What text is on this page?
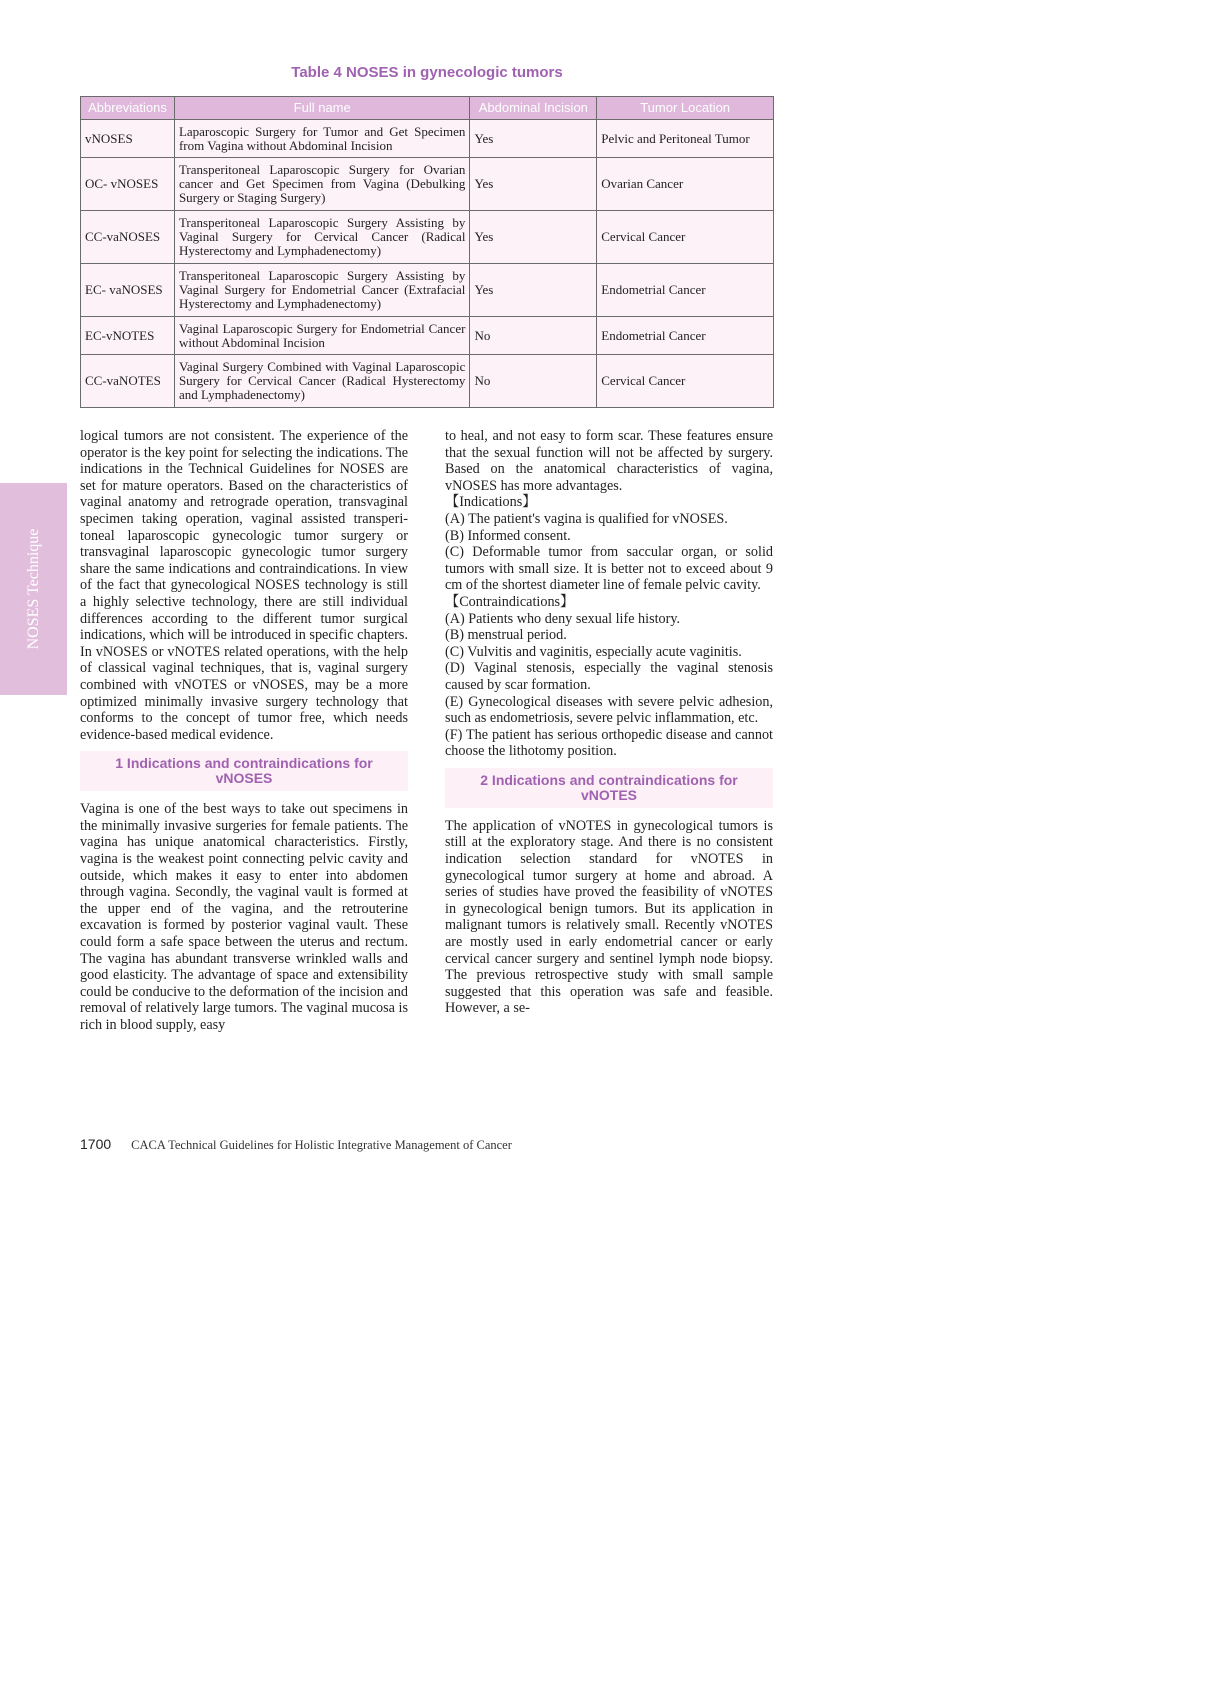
Table 4 NOSES in gynecologic tumors
Abbreviations	Full name	Abdominal Incision	Tumor Location
vNOSES	Laparoscopic Surgery for Tumor and Get Specimen from Vagina without Abdominal Incision	Yes	Pelvic and Peritoneal Tumor
OC- vNOSES	Transperitoneal Laparoscopic Surgery for Ovarian cancer and Get Specimen from Vagina (Debulking Surgery or Staging Surgery)	Yes	Ovarian Cancer
CC-vaNOSES	Transperitoneal Laparoscopic Surgery Assisting by Vaginal Surgery for Cervical Cancer (Radical Hysterectomy and Lymphadenectomy)	Yes	Cervical Cancer
EC- vaNOSES	Transperitoneal Laparoscopic Surgery Assisting by Vaginal Surgery for Endometrial Cancer (Extrafacial Hysterectomy and Lymphadenectomy)	Yes	Endometrial Cancer
EC-vNOTES	Vaginal Laparoscopic Surgery for Endometrial Cancer without Abdominal Incision	No	Endometrial Cancer
CC-vaNOTES	Vaginal Surgery Combined with Vaginal Laparoscopic Surgery for Cervical Cancer (Radical Hysterectomy and Lymphadenectomy)	No	Cervical Cancer
NOSES Technique

logical tumors are not consistent. The experience of the operator is the key point for selecting the indications. The indications in the Technical Guidelines for NOSES are set for mature operators. Based on the characteristics of vaginal anatomy and retrograde operation, transvaginal specimen taking operation, vaginal assisted transperitoneal laparoscopic gynecologic tumor surgery or transvaginal laparoscopic gynecologic tumor surgery share the same indications and contraindications. In view of the fact that gynecological NOSES technology is still a highly selective technology, there are still individual differences according to the different tumor surgical indications, which will be introduced in specific chapters. In vNOSES or vNOTES related operations, with the help of classical vaginal techniques, that is, vaginal surgery combined with vNOTES or vNOSES, may be a more optimized minimally invasive surgery technology that conforms to the concept of tumor free, which needs evidence-based medical evidence.

1 Indications and contraindications for vNOSES

Vagina is one of the best ways to take out specimens in the minimally invasive surgeries for female patients. The vagina has unique anatomical characteristics. Firstly, vagina is the weakest point connecting pelvic cavity and outside, which makes it easy to enter into abdomen through vagina. Secondly, the vaginal vault is formed at the upper end of the vagina, and the retrouterine excavation is formed by posterior vaginal vault. These could form a safe space between the uterus and rectum. The vagina has abundant transverse wrinkled walls and good elasticity. The advantage of space and extensibility could be conducive to the deformation of the incision and removal of relatively large tumors. The vaginal mucosa is rich in blood supply, easy

to heal, and not easy to form scar. These features ensure that the sexual function will not be affected by surgery. Based on the anatomical characteristics of vagina, vNOSES has more advantages.

【Indications】

(A) The patient's vagina is qualified for vNOSES.

(B) Informed consent.

(C) Deformable tumor from saccular organ, or solid tumors with small size. It is better not to exceed about 9 cm of the shortest diameter line of female pelvic cavity.

【Contraindications】

(A) Patients who deny sexual life history.

(B) menstrual period.

(C) Vulvitis and vaginitis, especially acute vaginitis.

(D) Vaginal stenosis, especially the vaginal stenosis caused by scar formation.

(E) Gynecological diseases with severe pelvic adhesion, such as endometriosis, severe pelvic inflammation, etc.

(F) The patient has serious orthopedic disease and cannot choose the lithotomy position.

2 Indications and contraindications for vNOTES

The application of vNOTES in gynecological tumors is still at the exploratory stage. And there is no consistent indication selection standard for vNOTES in gynecological tumor surgery at home and abroad. A series of studies have proved the feasibility of vNOTES in gynecological benign tumors. But its application in malignant tumors is relatively small. Recently vNOTES are mostly used in early endometrial cancer or early cervical cancer surgery and sentinel lymph node biopsy. The previous retrospective study with small sample suggested that this operation was safe and feasible. However, a se-

1700 CACA Technical Guidelines for Holistic Integrative Management of Cancer
